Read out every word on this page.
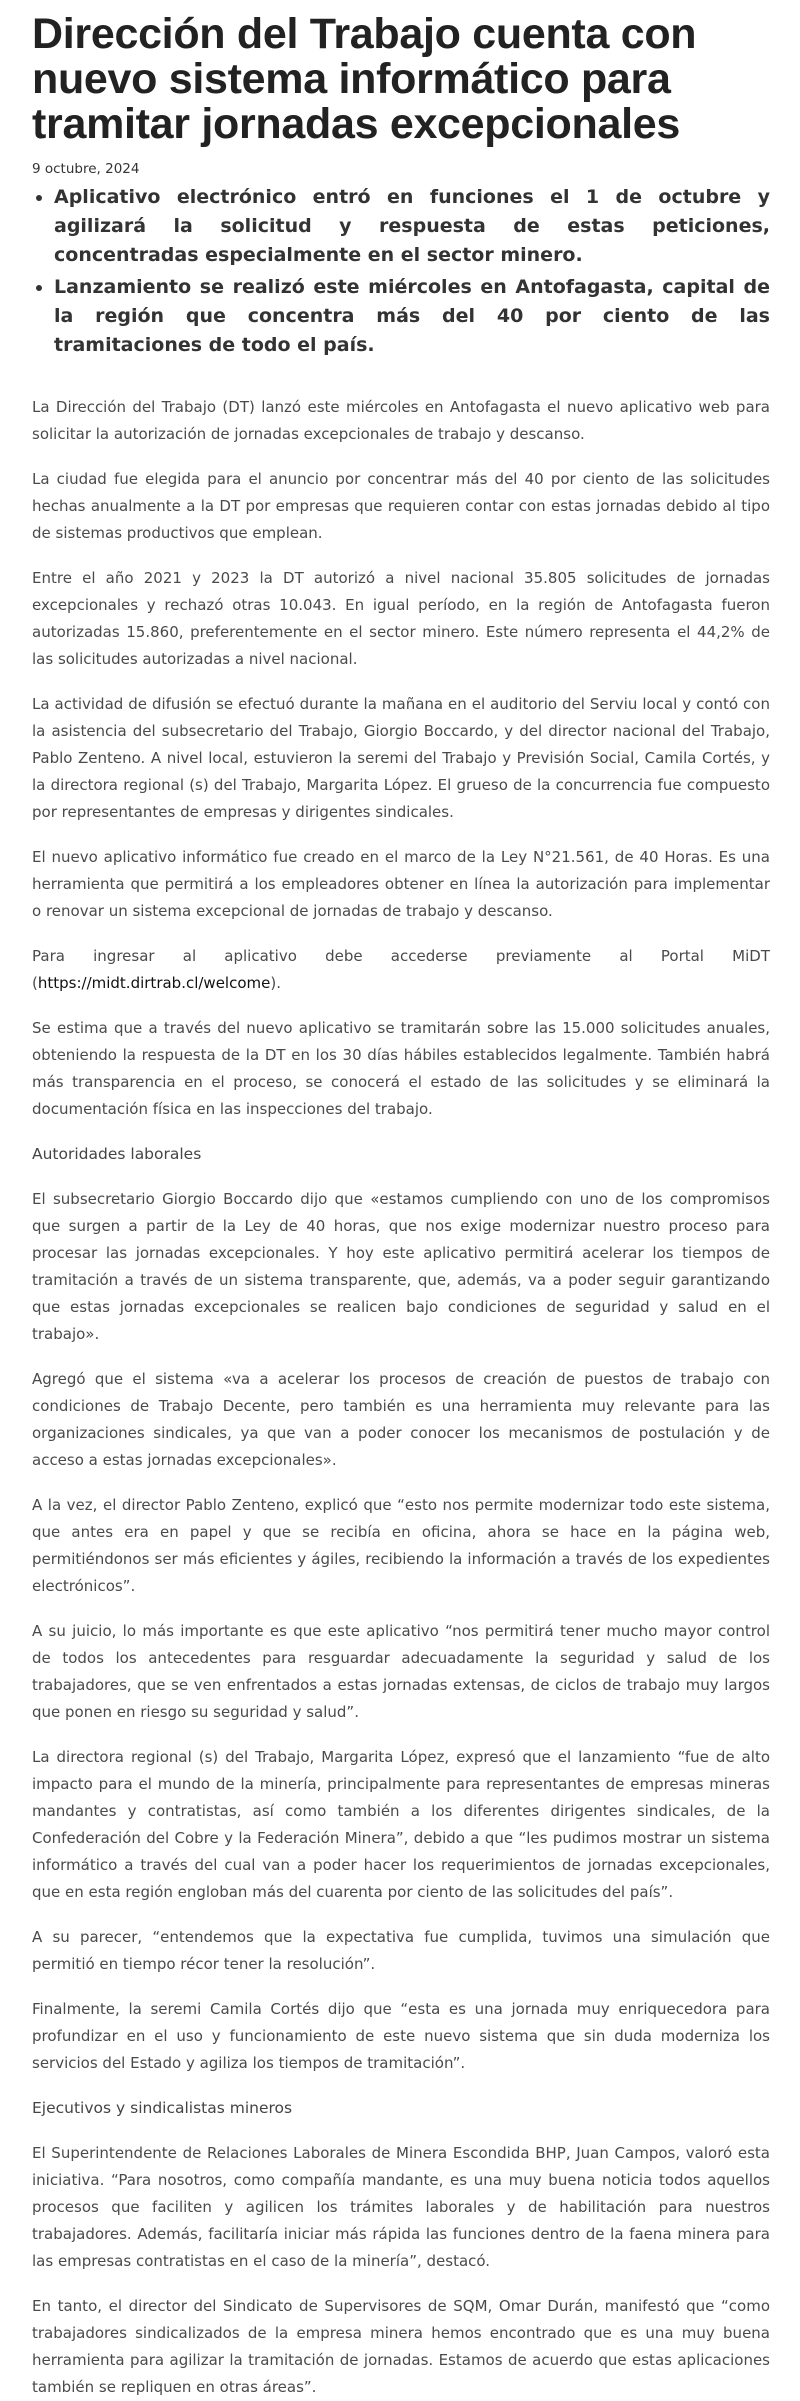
Dirección del Trabajo cuenta con nuevo sistema informático para tramitar jornadas excepcionales
9 octubre, 2024
• Aplicativo electrónico entró en funciones el 1 de octubre y agilizará la solicitud y respuesta de estas peticiones, concentradas especialmente en el sector minero.
• Lanzamiento se realizó este miércoles en Antofagasta, capital de la región que concentra más del 40 por ciento de las tramitaciones de todo el país.

La Dirección del Trabajo (DT) lanzó este miércoles en Antofagasta el nuevo aplicativo web para solicitar la autorización de jornadas excepcionales de trabajo y descanso.

La ciudad fue elegida para el anuncio por concentrar más del 40 por ciento de las solicitudes hechas anualmente a la DT por empresas que requieren contar con estas jornadas debido al tipo de sistemas productivos que emplean.

Entre el año 2021 y 2023 la DT autorizó a nivel nacional 35.805 solicitudes de jornadas excepcionales y rechazó otras 10.043. En igual período, en la región de Antofagasta fueron autorizadas 15.860, preferentemente en el sector minero. Este número representa el 44,2% de las solicitudes autorizadas a nivel nacional.

La actividad de difusión se efectuó durante la mañana en el auditorio del Serviu local y contó con la asistencia del subsecretario del Trabajo, Giorgio Boccardo, y del director nacional del Trabajo, Pablo Zenteno. A nivel local, estuvieron la seremi del Trabajo y Previsión Social, Camila Cortés, y la directora regional (s) del Trabajo, Margarita López. El grueso de la concurrencia fue compuesto por representantes de empresas y dirigentes sindicales.

El nuevo aplicativo informático fue creado en el marco de la Ley N°21.561, de 40 Horas. Es una herramienta que permitirá a los empleadores obtener en línea la autorización para implementar o renovar un sistema excepcional de jornadas de trabajo y descanso.

Para ingresar al aplicativo debe accederse previamente al Portal MiDT (https://midt.dirtrab.cl/welcome).

Se estima que a través del nuevo aplicativo se tramitarán sobre las 15.000 solicitudes anuales, obteniendo la respuesta de la DT en los 30 días hábiles establecidos legalmente. También habrá más transparencia en el proceso, se conocerá el estado de las solicitudes y se eliminará la documentación física en las inspecciones del trabajo.

Autoridades laborales

El subsecretario Giorgio Boccardo dijo que «estamos cumpliendo con uno de los compromisos que surgen a partir de la Ley de 40 horas, que nos exige modernizar nuestro proceso para procesar las jornadas excepcionales. Y hoy este aplicativo permitirá acelerar los tiempos de tramitación a través de un sistema transparente, que, además, va a poder seguir garantizando que estas jornadas excepcionales se realicen bajo condiciones de seguridad y salud en el trabajo».

Agregó que el sistema «va a acelerar los procesos de creación de puestos de trabajo con condiciones de Trabajo Decente, pero también es una herramienta muy relevante para las organizaciones sindicales, ya que van a poder conocer los mecanismos de postulación y de acceso a estas jornadas excepcionales».

A la vez, el director Pablo Zenteno, explicó que “esto nos permite modernizar todo este sistema, que antes era en papel y que se recibía en oficina, ahora se hace en la página web, permitiéndonos ser más eficientes y ágiles, recibiendo la información a través de los expedientes electrónicos”.

A su juicio, lo más importante es que este aplicativo “nos permitirá tener mucho mayor control de todos los antecedentes para resguardar adecuadamente la seguridad y salud de los trabajadores, que se ven enfrentados a estas jornadas extensas, de ciclos de trabajo muy largos que ponen en riesgo su seguridad y salud”.

La directora regional (s) del Trabajo, Margarita López, expresó que el lanzamiento “fue de alto impacto para el mundo de la minería, principalmente para representantes de empresas mineras mandantes y contratistas, así como también a los diferentes dirigentes sindicales, de la Confederación del Cobre y la Federación Minera”, debido a que “les pudimos mostrar un sistema informático a través del cual van a poder hacer los requerimientos de jornadas excepcionales, que en esta región engloban más del cuarenta por ciento de las solicitudes del país”.

A su parecer, “entendemos que la expectativa fue cumplida, tuvimos una simulación que permitió en tiempo récor tener la resolución”.

Finalmente, la seremi Camila Cortés dijo que “esta es una jornada muy enriquecedora para profundizar en el uso y funcionamiento de este nuevo sistema que sin duda moderniza los servicios del Estado y agiliza los tiempos de tramitación”.

Ejecutivos y sindicalistas mineros

El Superintendente de Relaciones Laborales de Minera Escondida BHP, Juan Campos, valoró esta iniciativa. “Para nosotros, como compañía mandante, es una muy buena noticia todos aquellos procesos que faciliten y agilicen los trámites laborales y de habilitación para nuestros trabajadores. Además, facilitaría iniciar más rápida las funciones dentro de la faena minera para las empresas contratistas en el caso de la minería”, destacó.

En tanto, el director del Sindicato de Supervisores de SQM, Omar Durán, manifestó que “como trabajadores sindicalizados de la empresa minera hemos encontrado que es una muy buena herramienta para agilizar la tramitación de jornadas. Estamos de acuerdo que estas aplicaciones también se repliquen en otras áreas”.
